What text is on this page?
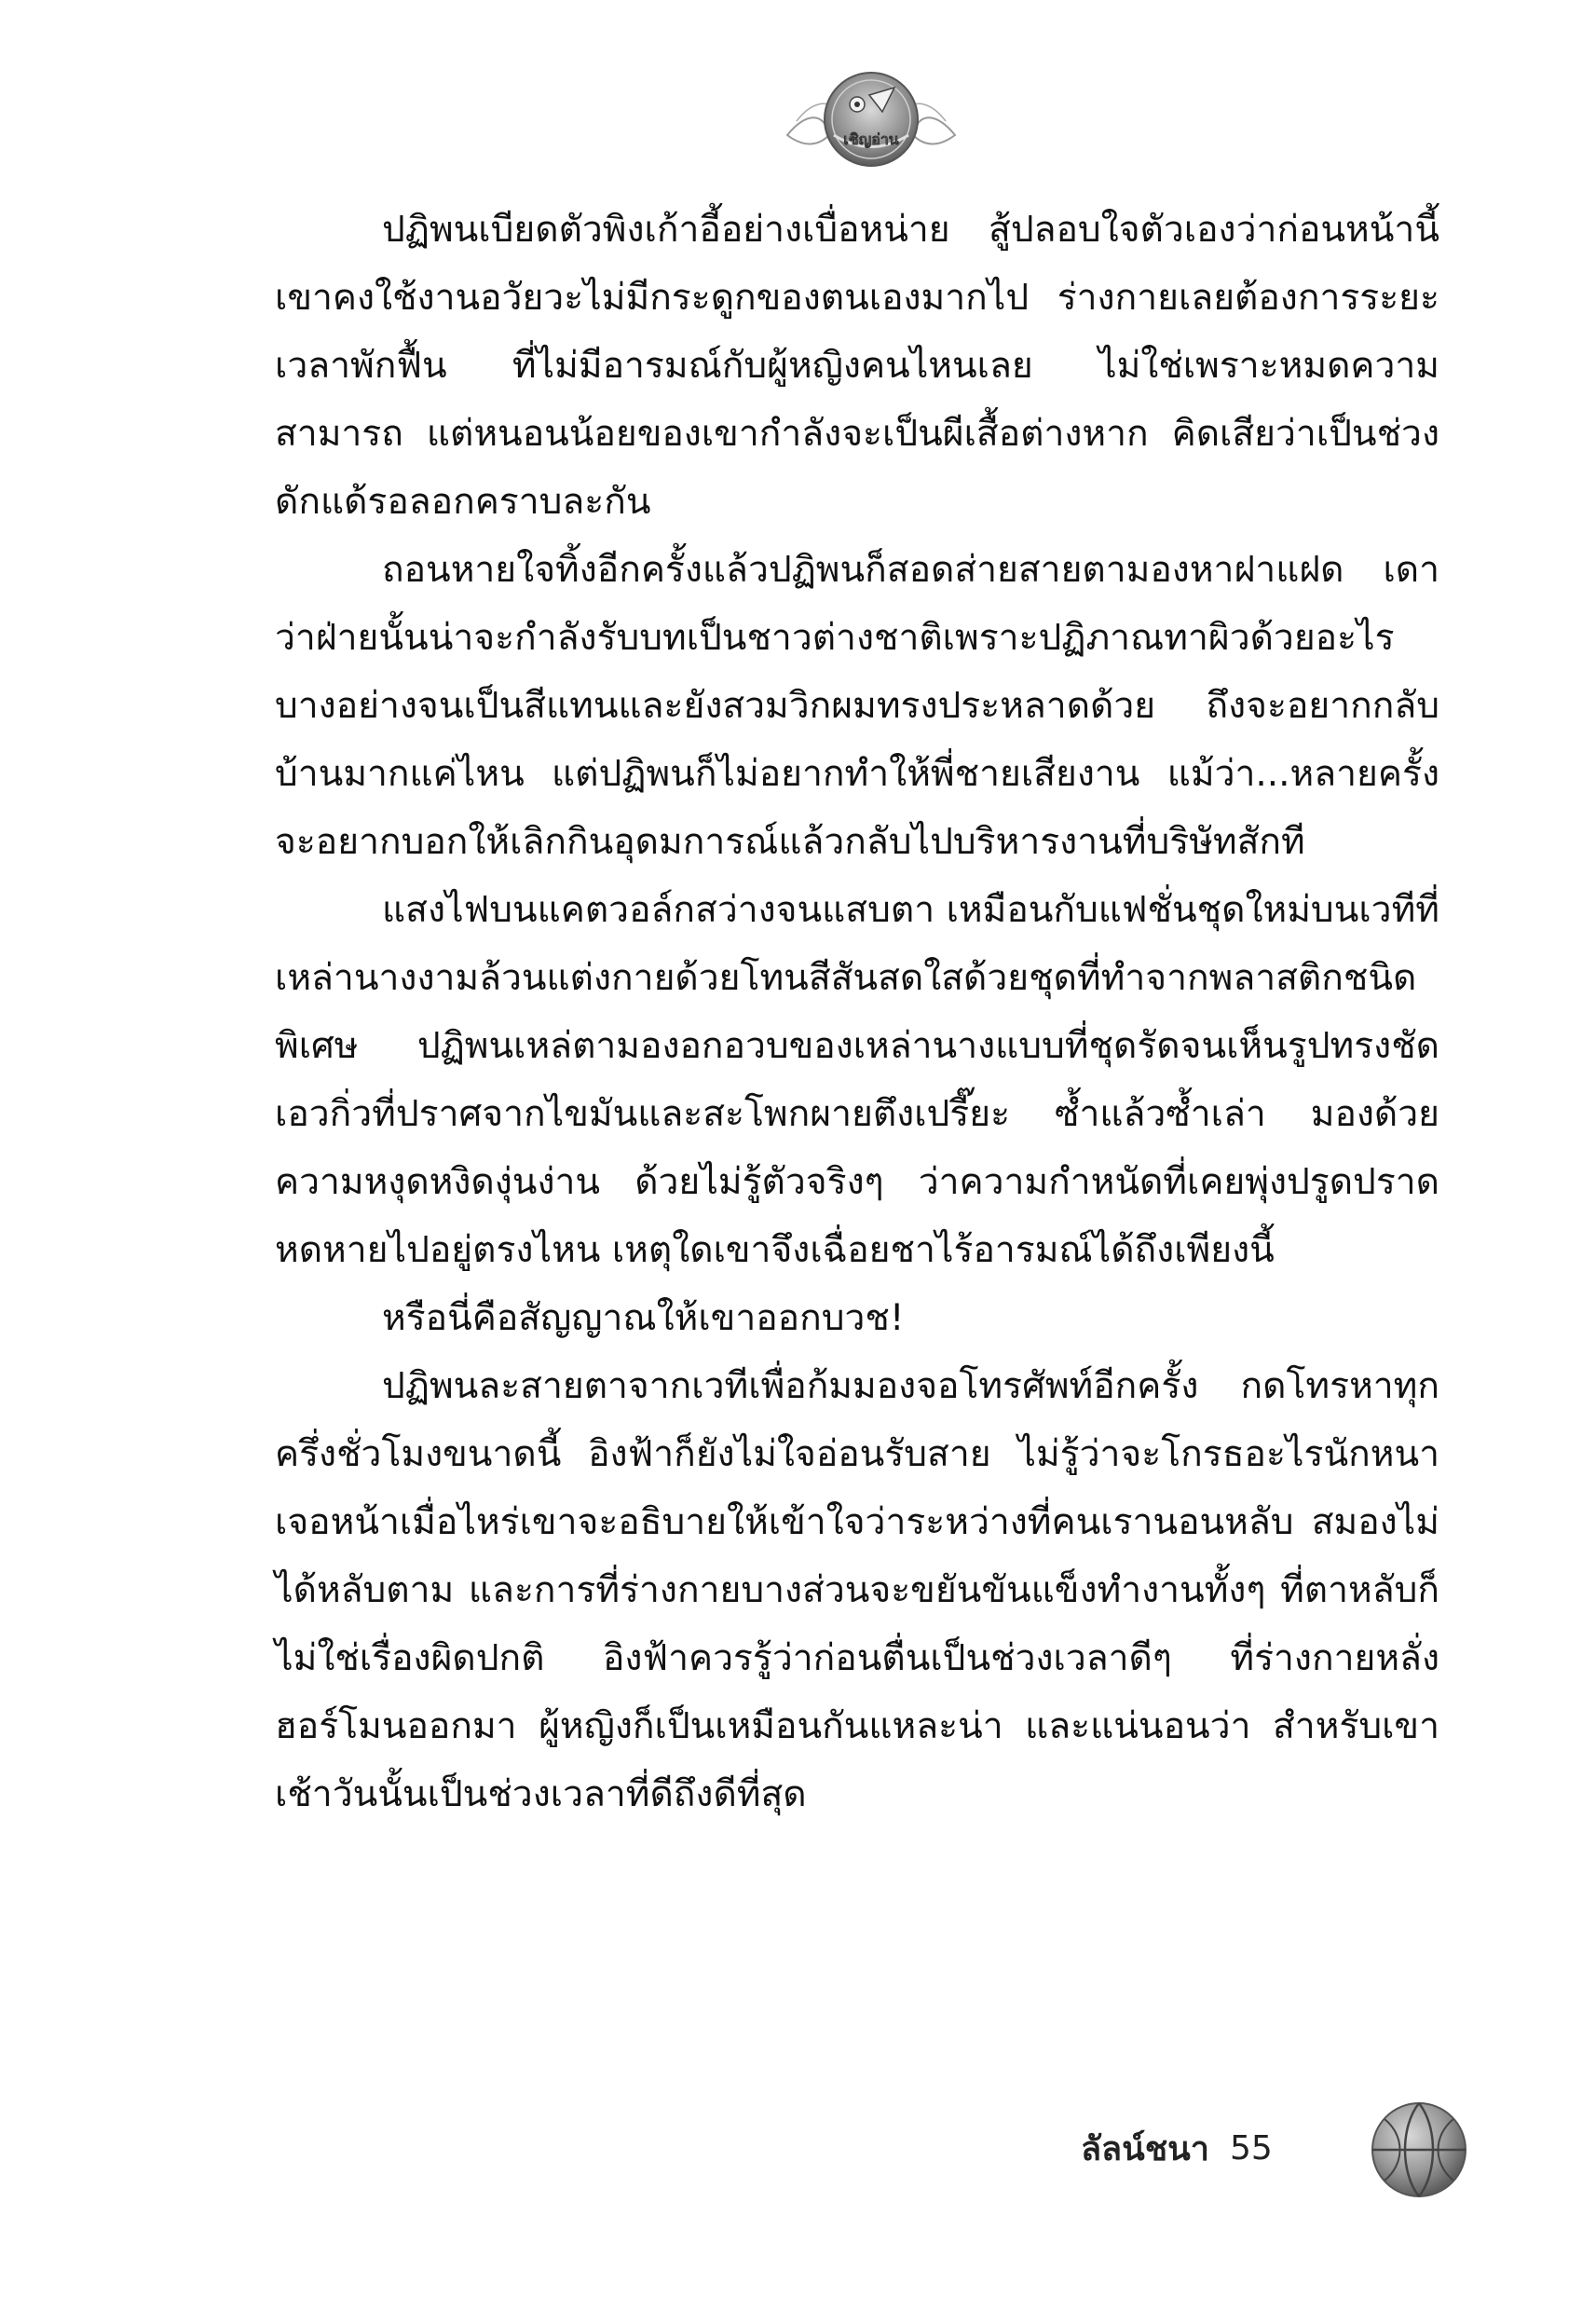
เชิญอ่าน

ปฏิพนเบียดตัวพิงเก้าอี้อย่างเบื่อหน่าย สู้ปลอบใจตัวเองว่าก่อนหน้านี้เขาคงใช้งานอวัยวะไม่มีกระดูกของตนเองมากไป ร่างกายเลยต้องการระยะเวลาพักฟื้น ที่ไม่มีอารมณ์กับผู้หญิงคนไหนเลย ไม่ใช่เพราะหมดความสามารถ แต่หนอนน้อยของเขากำลังจะเป็นผีเสื้อต่างหาก คิดเสียว่าเป็นช่วงดักแด้รอลอกคราบละกัน

ถอนหายใจทิ้งอีกครั้งแล้วปฏิพนก็สอดส่ายสายตามองหาฝาแฝด เดาว่าฝ่ายนั้นน่าจะกำลังรับบทเป็นชาวต่างชาติเพราะปฏิภาณทาผิวด้วยอะไรบางอย่างจนเป็นสีแทนและยังสวมวิกผมทรงประหลาดด้วย ถึงจะอยากกลับบ้านมากแค่ไหน แต่ปฏิพนก็ไม่อยากทำให้พี่ชายเสียงาน แม้ว่า...หลายครั้งจะอยากบอกให้เลิกกินอุดมการณ์แล้วกลับไปบริหารงานที่บริษัทสักที

แสงไฟบนแคตวอล์กสว่างจนแสบตา เหมือนกับแฟชั่นชุดใหม่บนเวทีที่เหล่านางงามล้วนแต่งกายด้วยโทนสีสันสดใสด้วยชุดที่ทำจากพลาสติกชนิดพิเศษ ปฏิพนเหล่ตามองอกอวบของเหล่านางแบบที่ชุดรัดจนเห็นรูปทรงชัด เอวกิ่วที่ปราศจากไขมันและสะโพกผายตึงเปรี๊ยะ ซ้ำแล้วซ้ำเล่า มองด้วยความหงุดหงิดงุ่นง่าน ด้วยไม่รู้ตัวจริงๆ ว่าความกำหนัดที่เคยพุ่งปรูดปราดหดหายไปอยู่ตรงไหน เหตุใดเขาจึงเฉื่อยชาไร้อารมณ์ได้ถึงเพียงนี้

หรือนี่คือสัญญาณให้เขาออกบวช!

ปฏิพนละสายตาจากเวทีเพื่อก้มมองจอโทรศัพท์อีกครั้ง กดโทรหาทุกครึ่งชั่วโมงขนาดนี้ อิงฟ้าก็ยังไม่ใจอ่อนรับสาย ไม่รู้ว่าจะโกรธอะไรนักหนา เจอหน้าเมื่อไหร่เขาจะอธิบายให้เข้าใจว่าระหว่างที่คนเรานอนหลับ สมองไม่ได้หลับตาม และการที่ร่างกายบางส่วนจะขยันขันแข็งทำงานทั้งๆ ที่ตาหลับก็ไม่ใช่เรื่องผิดปกติ อิงฟ้าควรรู้ว่าก่อนตื่นเป็นช่วงเวลาดีๆ ที่ร่างกายหลั่งฮอร์โมนออกมา ผู้หญิงก็เป็นเหมือนกันแหละน่า และแน่นอนว่า สำหรับเขา เช้าวันนั้นเป็นช่วงเวลาที่ดีถึงดีที่สุด

ลัลน์ชนา 55
